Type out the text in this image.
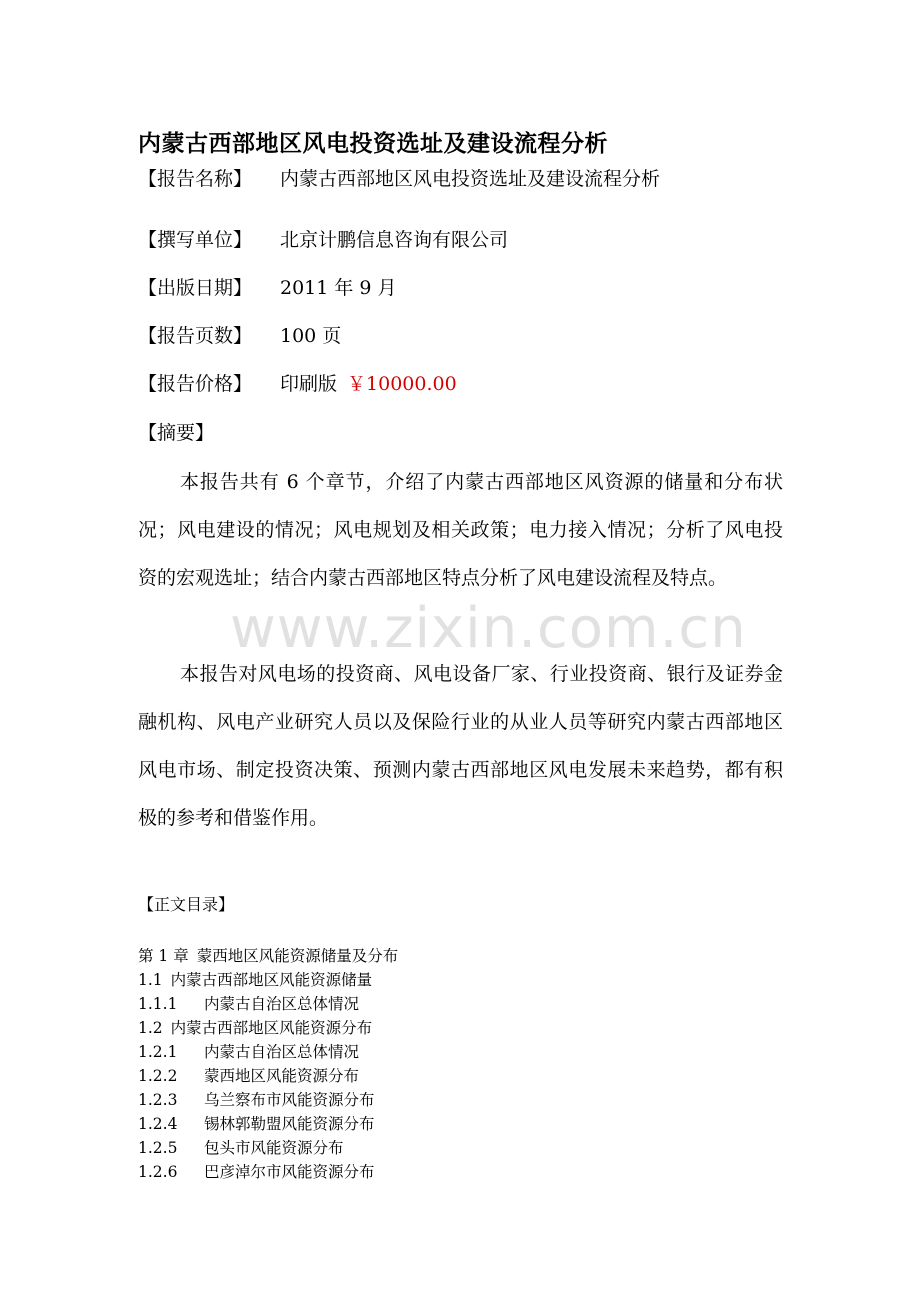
内蒙古西部地区风电投资选址及建设流程分析
【报告名称】 内蒙古西部地区风电投资选址及建设流程分析
【撰写单位】 北京计鹏信息咨询有限公司
【出版日期】 2011 年 9 月
【报告页数】 100 页
【报告价格】 印刷版 ￥10000.00
【摘要】

本报告共有 6 个章节，介绍了内蒙古西部地区风资源的储量和分布状况；风电建设的情况；风电规划及相关政策；电力接入情况；分析了风电投资的宏观选址；结合内蒙古西部地区特点分析了风电建设流程及特点。

本报告对风电场的投资商、风电设备厂家、行业投资商、银行及证券金融机构、风电产业研究人员以及保险行业的从业人员等研究内蒙古西部地区风电市场、制定投资决策、预测内蒙古西部地区风电发展未来趋势，都有积极的参考和借鉴作用。

www.zixin.com.cn
【正文目录】
第 1 章 蒙西地区风能资源储量及分布
1.1 内蒙古西部地区风能资源储量
1.1.1 内蒙古自治区总体情况
1.2 内蒙古西部地区风能资源分布
1.2.1 内蒙古自治区总体情况
1.2.2 蒙西地区风能资源分布
1.2.3 乌兰察布市风能资源分布
1.2.4 锡林郭勒盟风能资源分布
1.2.5 包头市风能资源分布
1.2.6 巴彦淖尔市风能资源分布
